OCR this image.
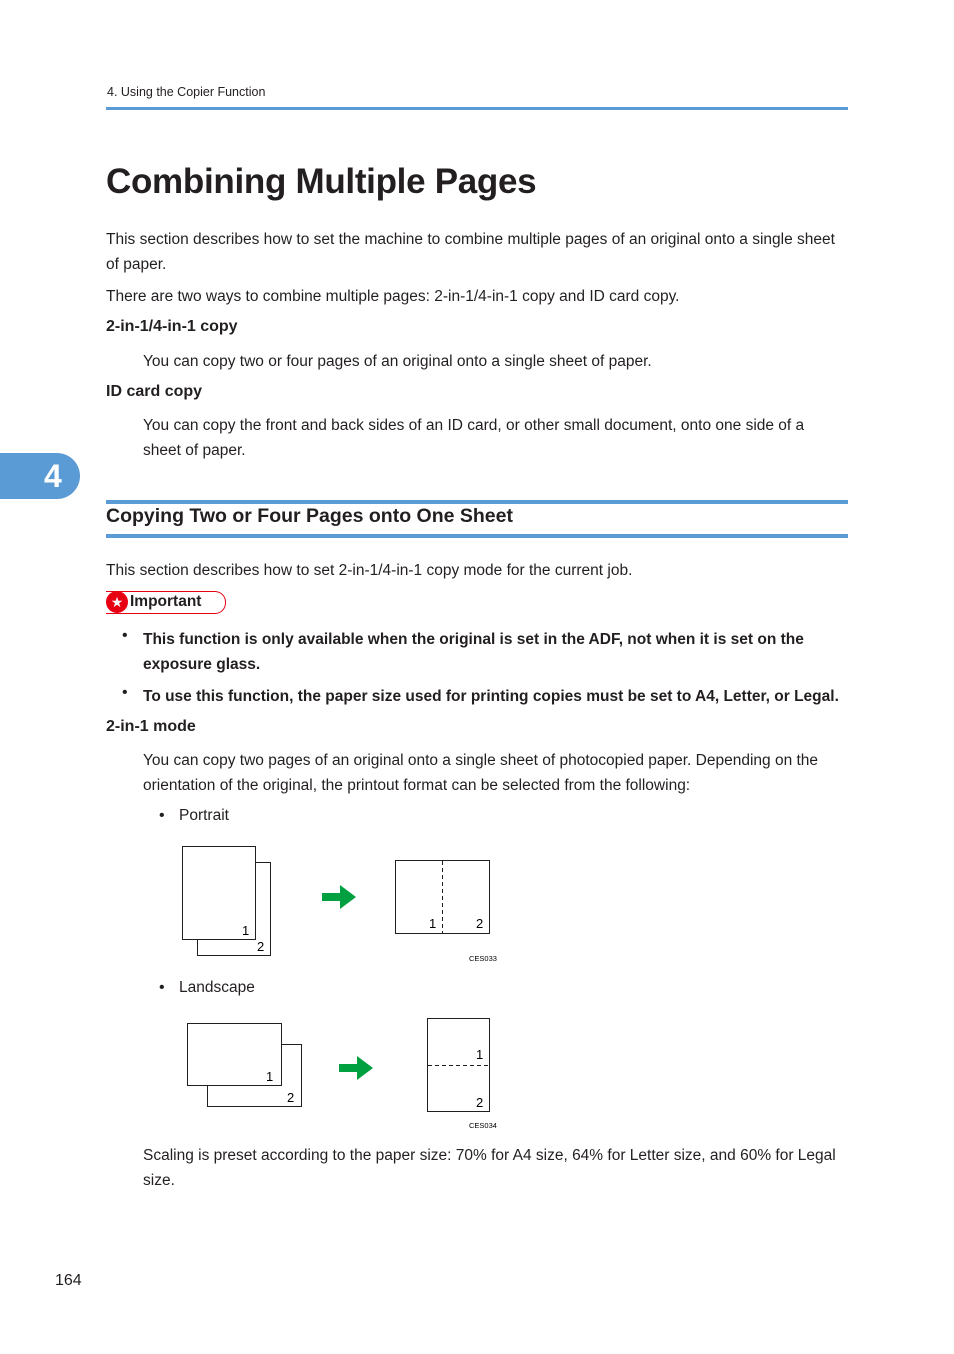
4. Using the Copier Function
4
Combining Multiple Pages

This section describes how to set the machine to combine multiple pages of an original onto a single sheet of paper.

There are two ways to combine multiple pages: 2-in-1/4-in-1 copy and ID card copy.

2-in-1/4-in-1 copy

You can copy two or four pages of an original onto a single sheet of paper.

ID card copy

You can copy the front and back sides of an ID card, or other small document, onto one side of a sheet of paper.

Copying Two or Four Pages onto One Sheet

This section describes how to set 2-in-1/4-in-1 copy mode for the current job.

★ Important
• This function is only available when the original is set in the ADF, not when it is set on the exposure glass.

• To use this function, the paper size used for printing copies must be set to A4, Letter, or Legal.

2-in-1 mode

You can copy two pages of an original onto a single sheet of photocopied paper. Depending on the orientation of the original, the printout format can be selected from the following:

• Portrait

1
2
1	2
CES033
• Landscape

1
2
1
2
CES034

Scaling is preset according to the paper size: 70% for A4 size, 64% for Letter size, and 60% for Legal size.

164
